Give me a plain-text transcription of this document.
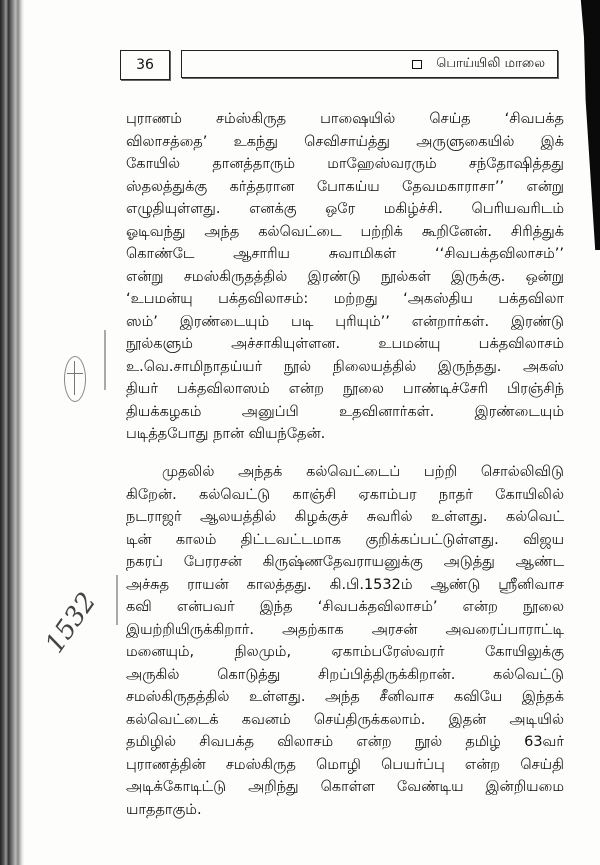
36	பொய்யிலி மாலை
புராணம் சம்ஸ்கிருத பாஷையில் செய்த ‘சிவபக்த
விலாசத்தை’ உகந்து செவிசாய்த்து அருளுகையில் இக்
கோயில் தானத்தாரும் மாஹேஸ்வரரும் சந்தோஷித்தது
ஸ்தலத்துக்கு கர்த்தரான போகய்ய தேவமகாராசா’’ என்று
எழுதியுள்ளது. எனக்கு ஒரே மகிழ்ச்சி. பெரியவரிடம்
ஓடிவந்து அந்த கல்வெட்டை பற்றிக் கூறினேன். சிரித்துக்
கொண்டே ஆசாரிய சுவாமிகள் ‘‘சிவபக்தவிலாசம்’’
என்று சமஸ்கிருதத்தில் இரண்டு நூல்கள் இருக்கு. ஒன்று
‘உபமன்யு பக்தவிலாசம்: மற்றது ‘அகஸ்திய பக்தவிலா
ஸம்’ இரண்டையும் படி புரியும்’’ என்றார்கள். இரண்டு
நூல்களும் அச்சாகியுள்ளன. உபமன்யு பக்தவிலாசம்
உ.வெ.சாமிநாதய்யர் நூல் நிலையத்தில் இருந்தது. அகஸ்
தியர் பக்தவிலாஸம் என்ற நூலை பாண்டிச்சேரி பிரஞ்சிந்
தியக்கழகம் அனுப்பி உதவினார்கள். இரண்டையும்
படித்தபோது நான் வியந்தேன்.
முதலில் அந்தக் கல்வெட்டைப் பற்றி சொல்லிவிடு
கிறேன். கல்வெட்டு காஞ்சி ஏகாம்பர நாதர் கோயிலில்
நடராஜர் ஆலயத்தில் கிழக்குச் சுவரில் உள்ளது. கல்வெட்
டின் காலம் திட்டவட்டமாக குறிக்கப்பட்டுள்ளது. விஜய
நகரப் பேரரசன் கிருஷ்ணதேவராயனுக்கு அடுத்து ஆண்ட
அச்சுத ராயன் காலத்தது. கி.பி.1532ம் ஆண்டு ஸ்ரீனிவாச
கவி என்பவர் இந்த ‘சிவபக்தவிலாசம்’ என்ற நூலை
இயற்றியிருக்கிறார். அதற்காக அரசன் அவரைப்பாராட்டி
மனையும், நிலமும், ஏகாம்பரேஸ்வரர் கோயிலுக்கு
அருகில் கொடுத்து சிறப்பித்திருக்கிறான். கல்வெட்டு
சமஸ்கிருதத்தில் உள்ளது. அந்த சீனிவாச கவியே இந்தக்
கல்வெட்டைக் கவனம் செய்திருக்கலாம். இதன் அடியில்
தமிழில் சிவபக்த விலாசம் என்ற நூல் தமிழ் 63வர்
புராணத்தின் சமஸ்கிருத மொழி பெயர்ப்பு என்ற செய்தி
அடிக்கோடிட்டு அறிந்து கொள்ள வேண்டிய இன்றியமை
யாததாகும்.
1532
